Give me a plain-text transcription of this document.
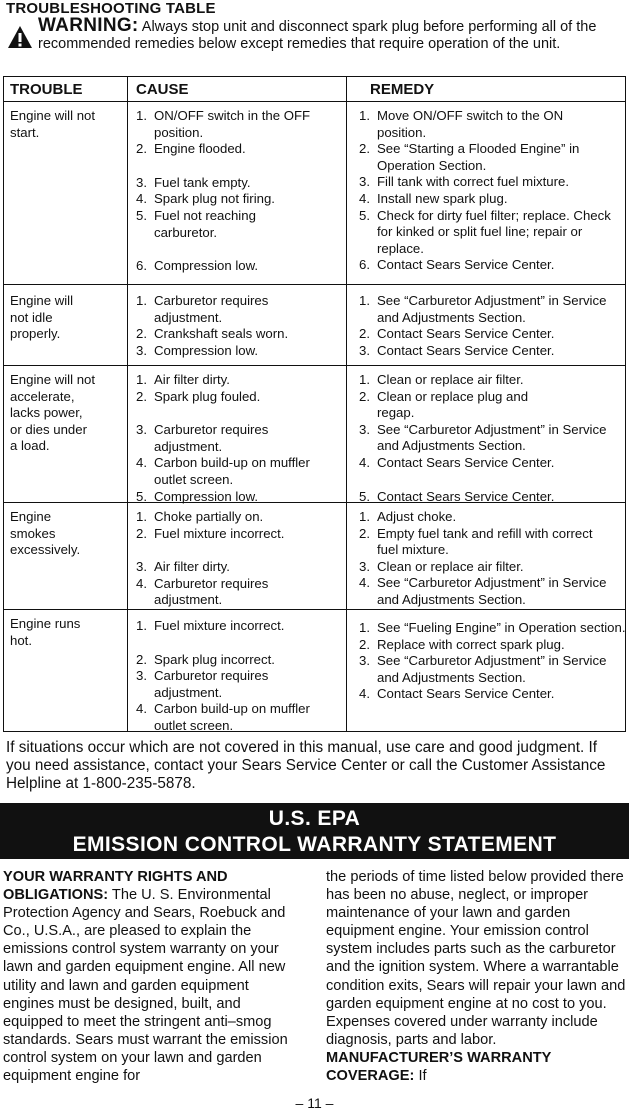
TROUBLESHOOTING TABLE
WARNING: Always stop unit and disconnect spark plug before performing all of the recommended remedies below except remedies that require operation of the unit.
TROUBLE	CAUSE	REMEDY
Engine will not
start.
1. ON/OFF switch in the OFF position.
2. Engine flooded.
3. Fuel tank empty.
4. Spark plug not firing.
5. Fuel not reaching carburetor.
6. Compression low.
1. Move ON/OFF switch to the ON position.
2. See “Starting a Flooded Engine” in Operation Section.
3. Fill tank with correct fuel mixture.
4. Install new spark plug.
5. Check for dirty fuel filter; replace. Check for kinked or split fuel line; repair or replace.
6. Contact Sears Service Center.
Engine will
not idle
properly.
1. Carburetor requires adjustment.
2. Crankshaft seals worn.
3. Compression low.
1. See “Carburetor Adjustment” in Service and Adjustments Section.
2. Contact Sears Service Center.
3. Contact Sears Service Center.
Engine will not
accelerate,
lacks power,
or dies under
a load.
1. Air filter dirty.
2. Spark plug fouled.
3. Carburetor requires adjustment.
4. Carbon build-up on muffler outlet screen.
5. Compression low.
1. Clean or replace air filter.
2. Clean or replace plug and regap.
3. See “Carburetor Adjustment” in Service and Adjustments Section.
4. Contact Sears Service Center.
5. Contact Sears Service Center.
Engine
smokes
excessively.
1. Choke partially on.
2. Fuel mixture incorrect.
3. Air filter dirty.
4. Carburetor requires adjustment.
1. Adjust choke.
2. Empty fuel tank and refill with correct fuel mixture.
3. Clean or replace air filter.
4. See “Carburetor Adjustment” in Service and Adjustments Section.
Engine runs
hot.
1. Fuel mixture incorrect.
2. Spark plug incorrect.
3. Carburetor requires adjustment.
4. Carbon build-up on muffler outlet screen.
1. See “Fueling Engine” in Operation section.
2. Replace with correct spark plug.
3. See “Carburetor Adjustment” in Service and Adjustments Section.
4. Contact Sears Service Center.
If situations occur which are not covered in this manual, use care and good judgment. If you need assistance, contact your Sears Service Center or call the Customer Assistance Helpline at 1-800-235-5878.
U.S. EPA
EMISSION CONTROL WARRANTY STATEMENT
YOUR WARRANTY RIGHTS AND OBLIGATIONS: The U. S. Environmental Protection Agency and Sears, Roebuck and Co., U.S.A., are pleased to explain the emissions control system warranty on your lawn and garden equipment engine. All new utility and lawn and garden equipment engines must be designed, built, and equipped to meet the stringent anti–smog standards. Sears must warrant the emission control system on your lawn and garden equipment engine for
the periods of time listed below provided there has been no abuse, neglect, or improper maintenance of your lawn and garden equipment engine. Your emission control system includes parts such as the carburetor and the ignition system. Where a warrantable condition exits, Sears will repair your lawn and garden equipment engine at no cost to you. Expenses covered under warranty include diagnosis, parts and labor. MANUFACTURER’S WARRANTY COVERAGE: If
– 11 –
